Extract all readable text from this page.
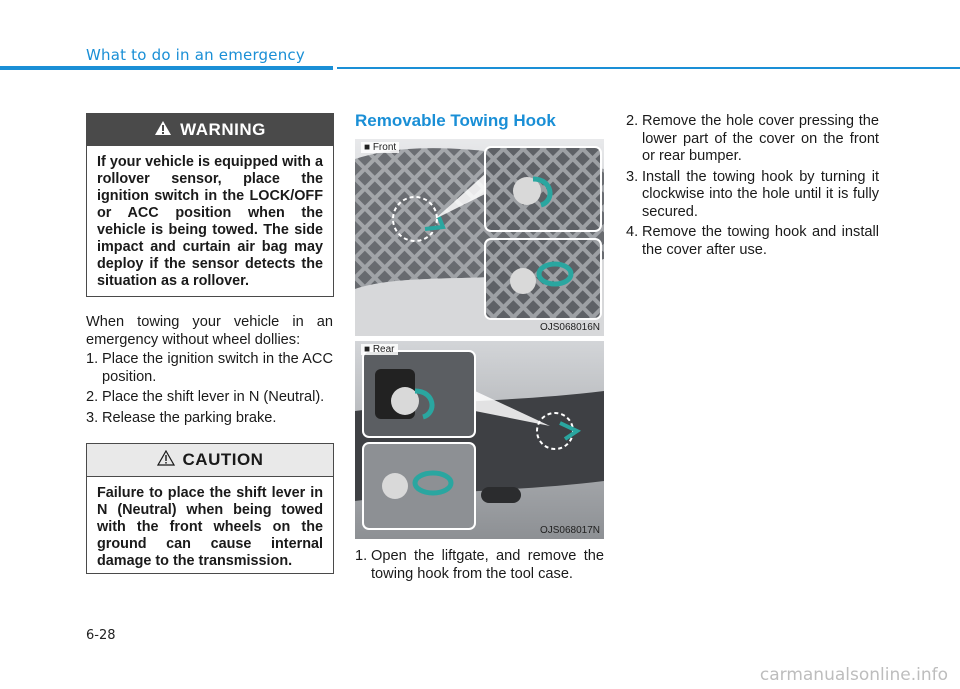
What to do in an emergency
WARNING
If your vehicle is equipped with a rollover sensor, place the ignition switch in the LOCK/OFF or ACC position when the vehicle is being towed. The side impact and curtain air bag may deploy if the sensor detects the situation as a rollover.
When towing your vehicle in an emergency without wheel dollies:
1. Place the ignition switch in the ACC position.
2. Place the shift lever in N (Neutral).
3. Release the parking brake.
CAUTION
Failure to place the shift lever in N (Neutral) when being towed with the front wheels on the ground can cause internal damage to the transmission.
Removable Towing Hook
■ Front
OJS068016N
■ Rear
OJS068017N
1. Open the liftgate, and remove the towing hook from the tool case.
2. Remove the hole cover pressing the lower part of the cover on the front or rear bumper.
3. Install the towing hook by turning it clockwise into the hole until it is fully secured.
4. Remove the towing hook and install the cover after use.
6-28
carmanualsonline.info
